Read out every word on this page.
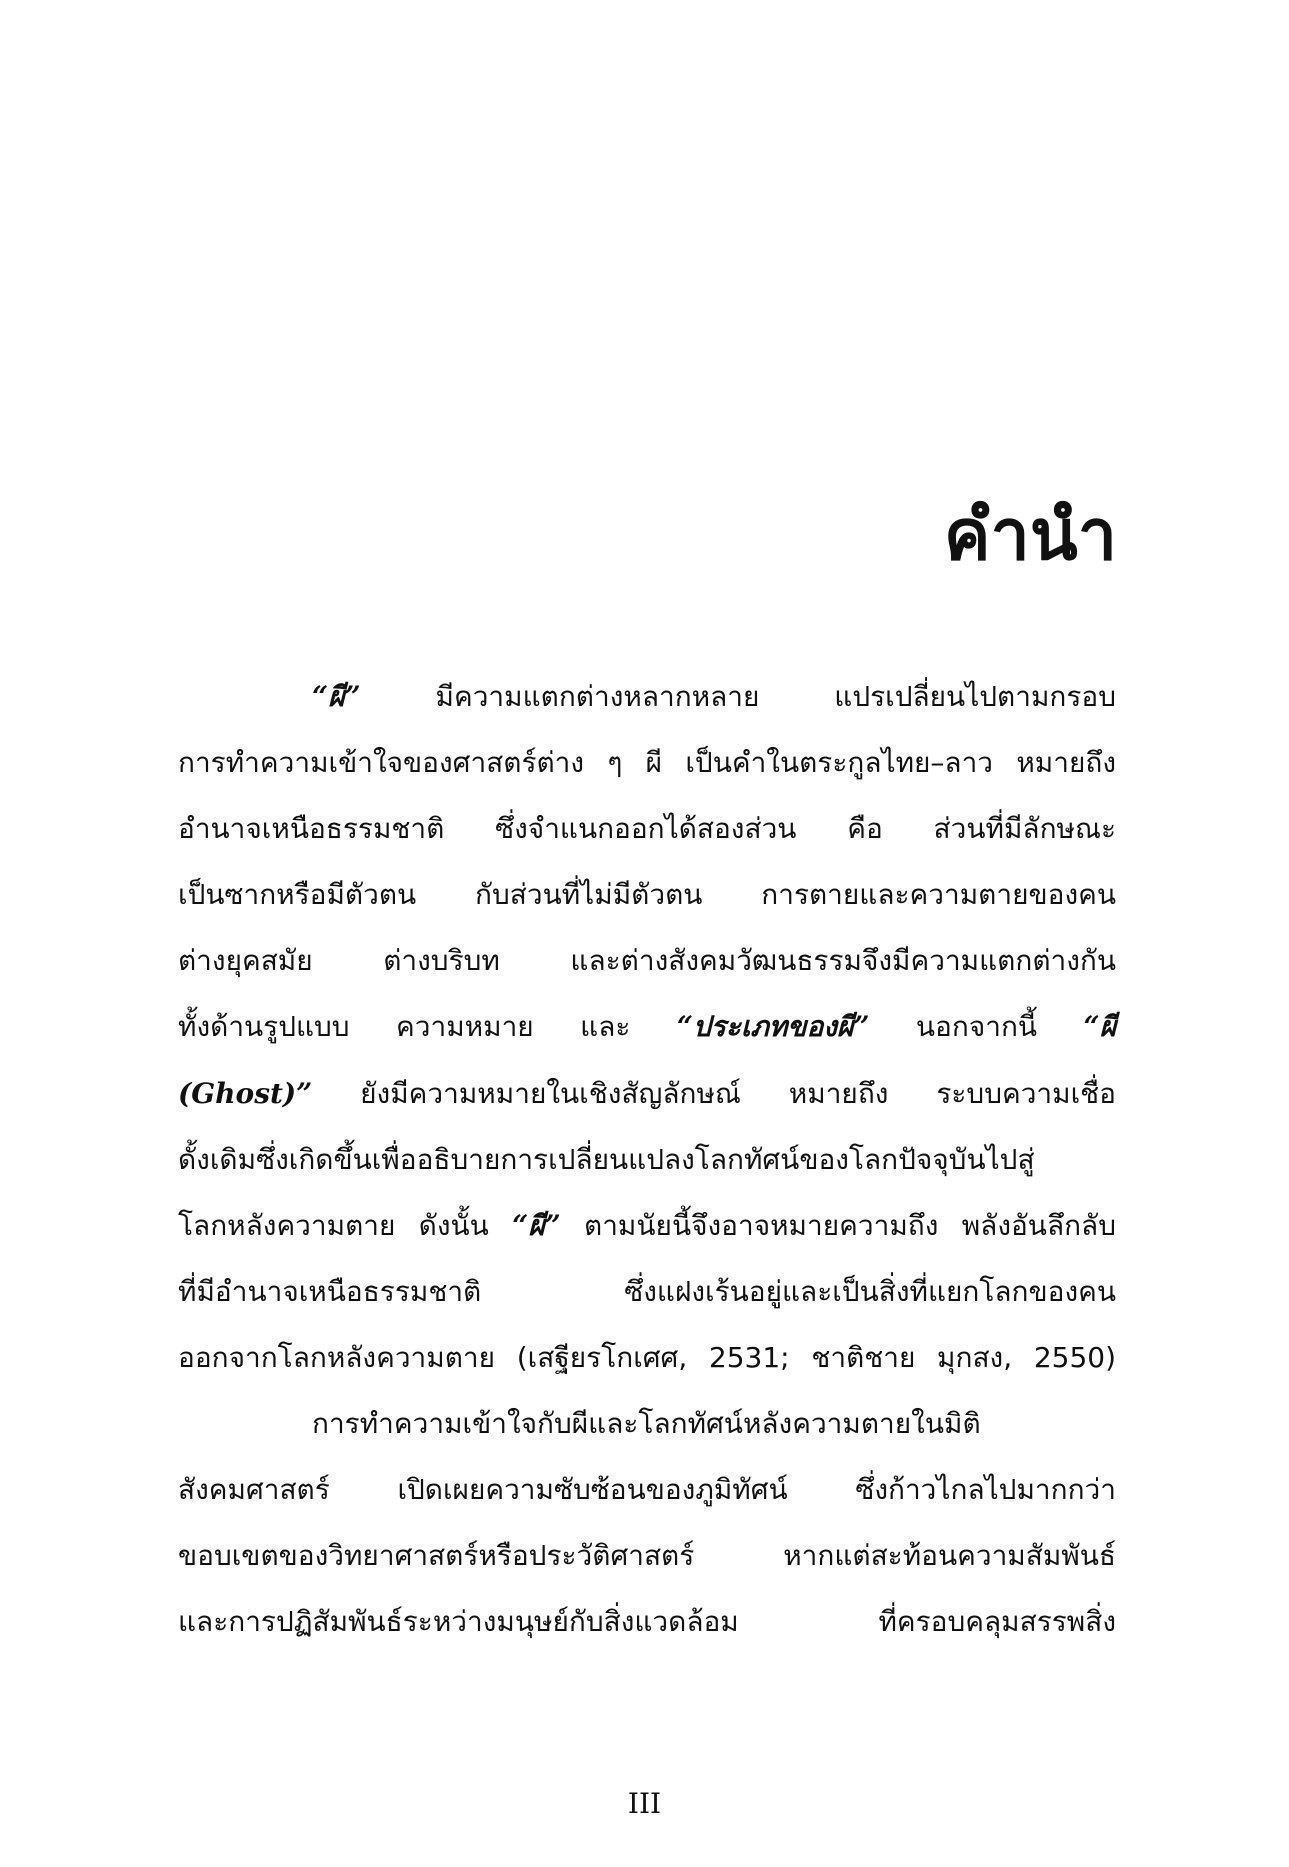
คำนำ
“ผี” มีความแตกต่างหลากหลาย แปรเปลี่ยนไปตามกรอบ
การทำความเข้าใจของศาสตร์ต่าง ๆ ผี เป็นคำในตระกูลไทย–ลาว หมายถึง
อำนาจเหนือธรรมชาติ ซึ่งจำแนกออกได้สองส่วน คือ ส่วนที่มีลักษณะ
เป็นซากหรือมีตัวตน กับส่วนที่ไม่มีตัวตน การตายและความตายของคน
ต่างยุคสมัย ต่างบริบท และต่างสังคมวัฒนธรรมจึงมีความแตกต่างกัน
ทั้งด้านรูปแบบ ความหมาย และ “ประเภทของผี” นอกจากนี้ “ผี
(Ghost)” ยังมีความหมายในเชิงสัญลักษณ์ หมายถึง ระบบความเชื่อ
ดั้งเดิมซึ่งเกิดขึ้นเพื่ออธิบายการเปลี่ยนแปลงโลกทัศน์ของโลกปัจจุบันไปสู่
โลกหลังความตาย ดังนั้น “ผี” ตามนัยนี้จึงอาจหมายความถึง พลังอันลึกลับ
ที่มีอำนาจเหนือธรรมชาติ ซึ่งแฝงเร้นอยู่และเป็นสิ่งที่แยกโลกของคน
ออกจากโลกหลังความตาย (เสฐียรโกเศศ, 2531; ชาติชาย มุกสง, 2550)
การทำความเข้าใจกับผีและโลกทัศน์หลังความตายในมิติ
สังคมศาสตร์ เปิดเผยความซับซ้อนของภูมิทัศน์ ซึ่งก้าวไกลไปมากกว่า
ขอบเขตของวิทยาศาสตร์หรือประวัติศาสตร์ หากแต่สะท้อนความสัมพันธ์
และการปฏิสัมพันธ์ระหว่างมนุษย์กับสิ่งแวดล้อม ที่ครอบคลุมสรรพสิ่ง
III
